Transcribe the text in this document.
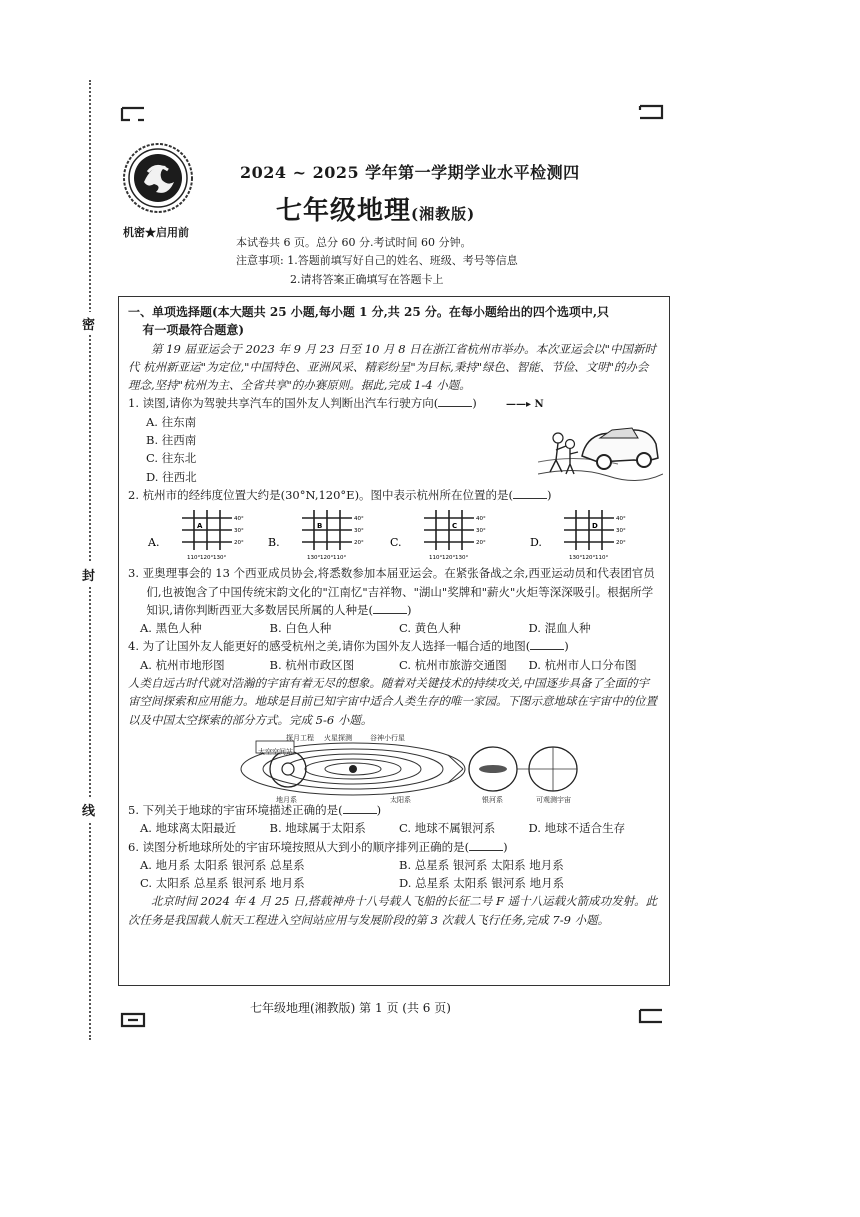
密
封
线
2024 ~ 2025 学年第一学期学业水平检测四
七年级地理(湘教版)
机密★启用前
本试卷共 6 页。总分 60 分.考试时间 60 分钟。
注意事项: 1.答题前填写好自己的姓名、班级、考号等信息
2.请将答案正确填写在答题卡上

一、单项选择题(本大题共 25 小题,每小题 1 分,共 25 分。在每小题给出的四个选项中,只

有一项最符合题意)

第 19 届亚运会于 2023 年 9 月 23 日至 10 月 8 日在浙江省杭州市举办。本次亚运会以"中国新时代 杭州新亚运"为定位,"中国特色、亚洲风采、精彩纷呈"为目标,秉持"绿色、智能、节俭、文明"的办会理念,坚持"杭州为主、全省共享"的办赛原则。据此,完成 1-4 小题。

1. 读图,请你为驾驶共享汽车的国外友人判断出汽车行驶方向(	)	——▸ N

A. 往东南

B. 往西南

C. 往东北

D. 往西北

2. 杭州市的经纬度位置大约是(30°N,120°E)。图中表示杭州所在位置的是(	)

A.
A
110° 120° 130°
40°
30°
20° B.
B
130° 120° 110°
40°
30°
20° C.
C
110° 120° 130°
40°
30°
20°	D.
D
130° 120° 110°
40°
30°
20°

3. 亚奥理事会的 13 个西亚成员协会,将悉数参加本届亚运会。在紧张备战之余,西亚运动员和代表团官员们,也被饱含了中国传统宋韵文化的"江南忆"吉祥物、"湖山"奖牌和"薪火"火炬等深深吸引。根据所学知识,请你判断西亚大多数居民所属的人种是(	)

A. 黑色人种	B. 白色人种	C. 黄色人种	D. 混血人种

4. 为了让国外友人能更好的感受杭州之美,请你为国外友人选择一幅合适的地图(	)

A. 杭州市地形图	B. 杭州市政区图	C. 杭州市旅游交通图	D. 杭州市人口分布图

人类自远古时代就对浩瀚的宇宙有着无尽的想象。随着对关键技术的持续攻关,中国逐步具备了全面的宇宙空间探索和应用能力。地球是目前已知宇宙中适合人类生存的唯一家园。下图示意地球在宇宙中的位置以及中国太空探索的部分方式。完成 5-6 小题。

探月工程 火星探测	谷神小行星
太空空间站
地月系	太阳系	银河系	可观测宇宙

5. 下列关于地球的宇宙环境描述正确的是(	)

A. 地球离太阳最近	B. 地球属于太阳系	C. 地球不属银河系	D. 地球不适合生存

6. 读图分析地球所处的宇宙环境按照从大到小的顺序排列正确的是(	)

A. 地月系 太阳系 银河系 总星系	B. 总星系 银河系 太阳系 地月系
C. 太阳系 总星系 银河系 地月系	D. 总星系 太阳系 银河系 地月系

北京时间 2024 年 4 月 25 日,搭载神舟十八号载人飞船的长征二号 F 遥十八运载火箭成功发射。此次任务是我国载人航天工程进入空间站应用与发展阶段的第 3 次载人飞行任务,完成 7-9 小题。

七年级地理(湘教版) 第 1 页 (共 6 页)
